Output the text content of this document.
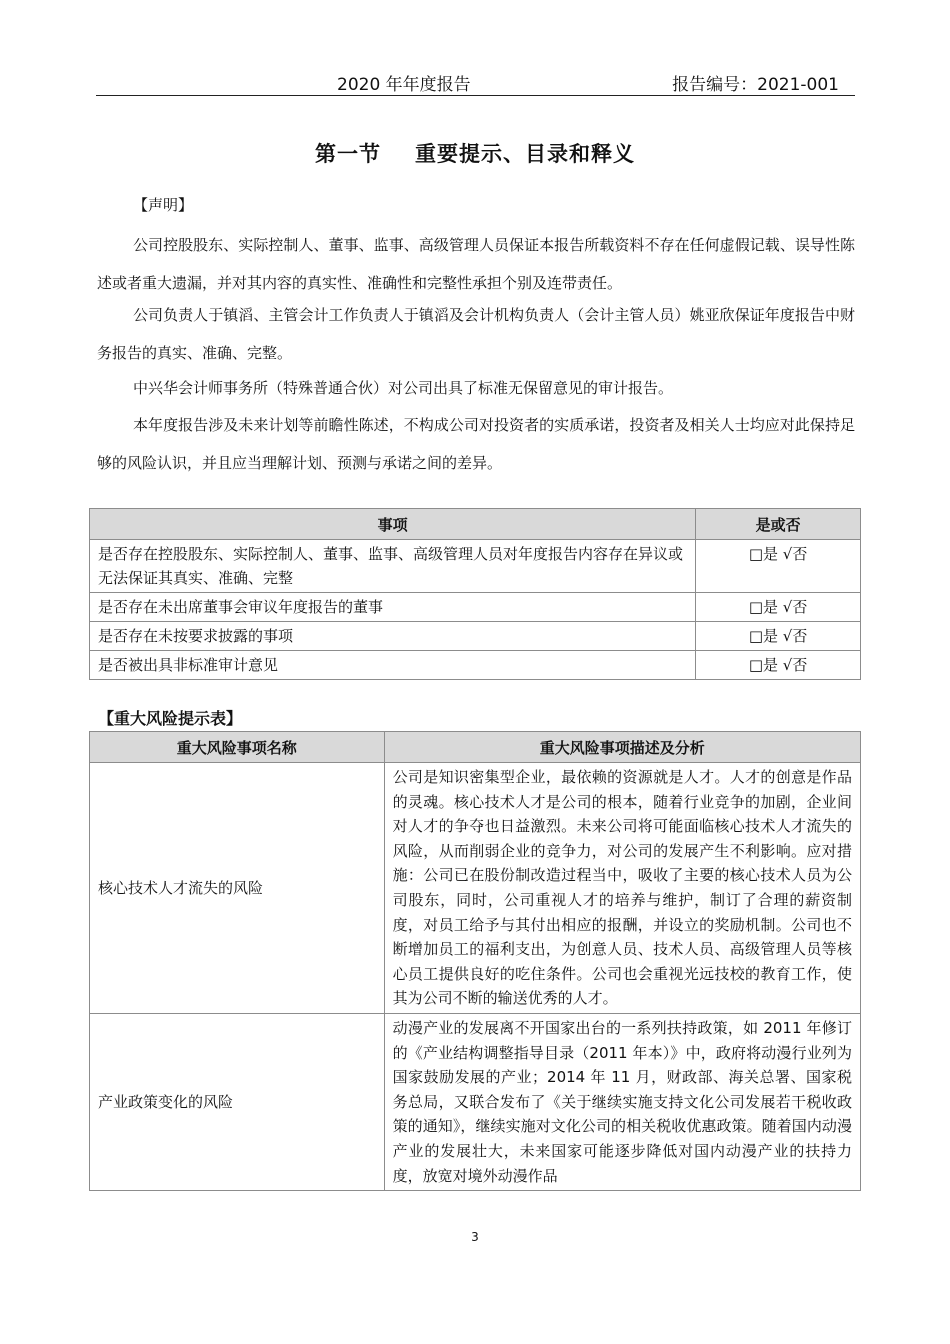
2020 年年度报告	报告编号：2021-001
第一节 重要提示、目录和释义
【声明】
公司控股股东、实际控制人、董事、监事、高级管理人员保证本报告所载资料不存在任何虚假记载、误导性陈述或者重大遗漏，并对其内容的真实性、准确性和完整性承担个别及连带责任。
公司负责人于镇滔、主管会计工作负责人于镇滔及会计机构负责人（会计主管人员）姚亚欣保证年度报告中财务报告的真实、准确、完整。
中兴华会计师事务所（特殊普通合伙）对公司出具了标准无保留意见的审计报告。
本年度报告涉及未来计划等前瞻性陈述，不构成公司对投资者的实质承诺，投资者及相关人士均应对此保持足够的风险认识，并且应当理解计划、预测与承诺之间的差异。
事项	是或否
是否存在控股股东、实际控制人、董事、监事、高级管理人员对年度报告内容存在异议或无法保证其真实、准确、完整	□是 √否
是否存在未出席董事会审议年度报告的董事	□是 √否
是否存在未按要求披露的事项	□是 √否
是否被出具非标准审计意见	□是 √否
【重大风险提示表】
重大风险事项名称	重大风险事项描述及分析
核心技术人才流失的风险	公司是知识密集型企业，最依赖的资源就是人才。人才的创意是作品的灵魂。核心技术人才是公司的根本，随着行业竞争的加剧，企业间对人才的争夺也日益激烈。未来公司将可能面临核心技术人才流失的风险，从而削弱企业的竞争力，对公司的发展产生不利影响。应对措施：公司已在股份制改造过程当中，吸收了主要的核心技术人员为公司股东，同时，公司重视人才的培养与维护，制订了合理的薪资制度，对员工给予与其付出相应的报酬，并设立的奖励机制。公司也不断增加员工的福利支出，为创意人员、技术人员、高级管理人员等核心员工提供良好的吃住条件。公司也会重视光远技校的教育工作，使其为公司不断的输送优秀的人才。
产业政策变化的风险	动漫产业的发展离不开国家出台的一系列扶持政策，如 2011 年修订的《产业结构调整指导目录（2011 年本）》中，政府将动漫行业列为国家鼓励发展的产业；2014 年 11 月，财政部、海关总署、国家税务总局，又联合发布了《关于继续实施支持文化公司发展若干税收政策的通知》，继续实施对文化公司的相关税收优惠政策。随着国内动漫产业的发展壮大，未来国家可能逐步降低对国内动漫产业的扶持力度，放宽对境外动漫作品
3
